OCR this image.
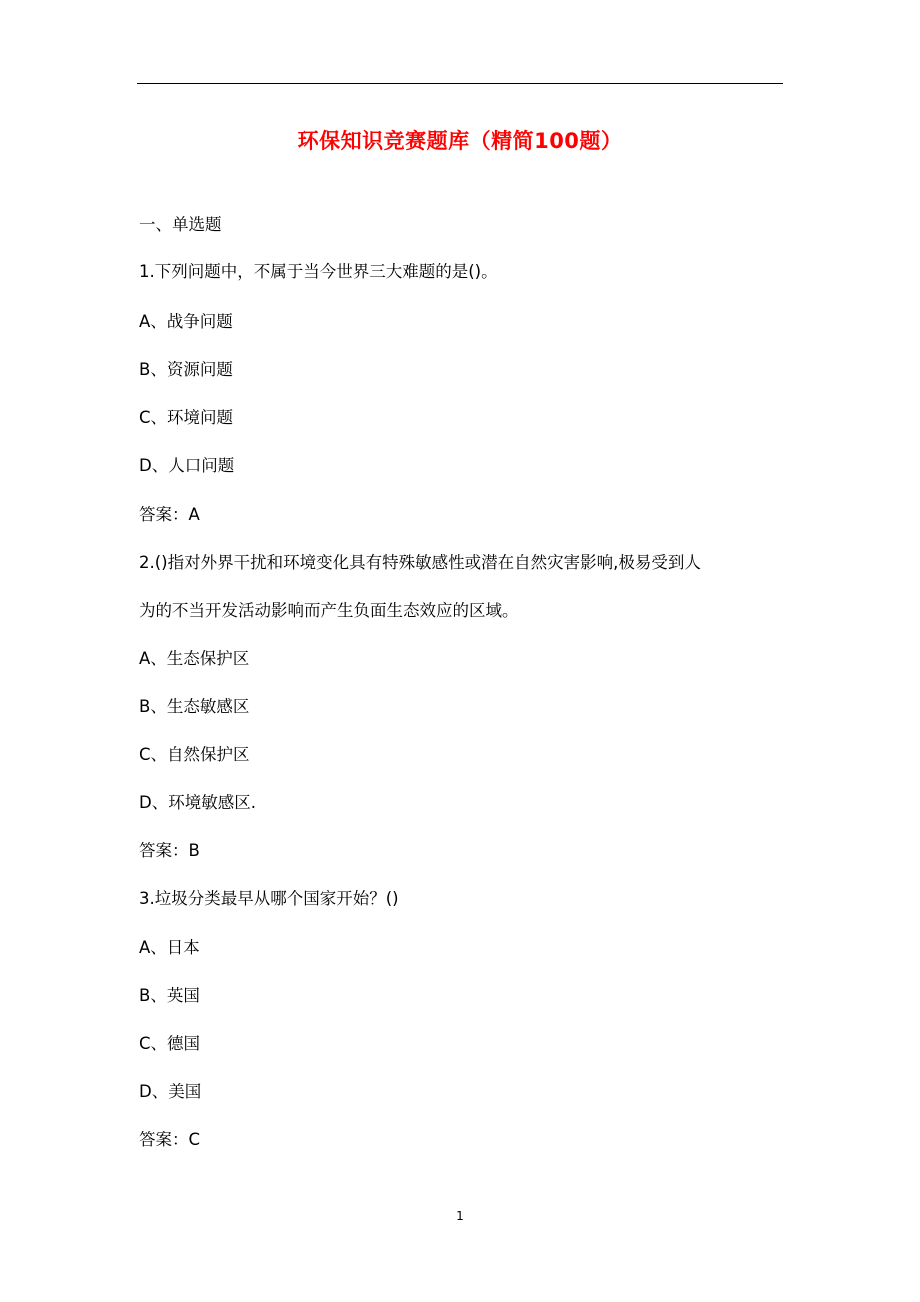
环保知识竞赛题库（精简100题）
一、单选题
1.下列问题中，不属于当今世界三大难题的是()。
A、战争问题
B、资源问题
C、环境问题
D、人口问题
答案：A
2.()指对外界干扰和环境变化具有特殊敏感性或潜在自然灾害影响,极易受到人
为的不当开发活动影响而产生负面生态效应的区域。
A、生态保护区
B、生态敏感区
C、自然保护区
D、环境敏感区.
答案：B
3.垃圾分类最早从哪个国家开始？()
A、日本
B、英国
C、德国
D、美国
答案：C
1
